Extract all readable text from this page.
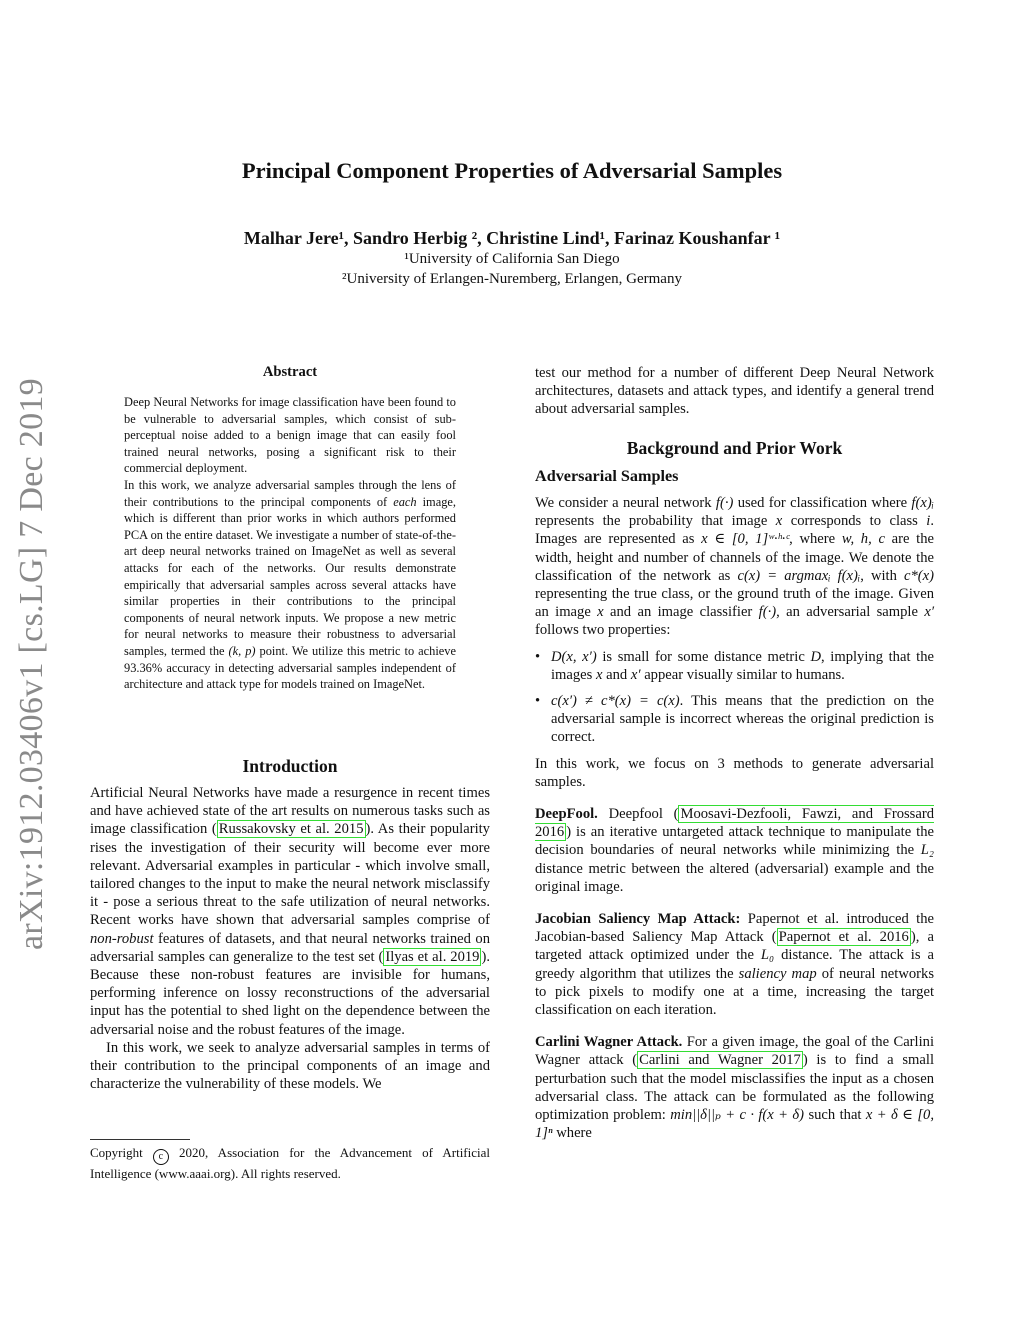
arXiv:1912.03406v1 [cs.LG] 7 Dec 2019
Principal Component Properties of Adversarial Samples
Malhar Jere¹, Sandro Herbig ², Christine Lind¹, Farinaz Koushanfar ¹
¹University of California San Diego
²University of Erlangen-Nuremberg, Erlangen, Germany
Abstract

Deep Neural Networks for image classification have been found to be vulnerable to adversarial samples, which consist of sub-perceptual noise added to a benign image that can easily fool trained neural networks, posing a significant risk to their commercial deployment.

In this work, we analyze adversarial samples through the lens of their contributions to the principal components of each image, which is different than prior works in which authors performed PCA on the entire dataset. We investigate a number of state-of-the-art deep neural networks trained on ImageNet as well as several attacks for each of the networks. Our results demonstrate empirically that adversarial samples across several attacks have similar properties in their contributions to the principal components of neural network inputs. We propose a new metric for neural networks to measure their robustness to adversarial samples, termed the (k, p) point. We utilize this metric to achieve 93.36% accuracy in detecting adversarial samples independent of architecture and attack type for models trained on ImageNet.

Introduction

Artificial Neural Networks have made a resurgence in recent times and have achieved state of the art results on numerous tasks such as image classification ( Russakovsky et al. 2015 ). As their popularity rises the investigation of their security will become ever more relevant. Adversarial examples in particular - which involve small, tailored changes to the input to make the neural network misclassify it - pose a serious threat to the safe utilization of neural networks. Recent works have shown that adversarial samples comprise of non-robust features of datasets, and that neural networks trained on adversarial samples can generalize to the test set ( Ilyas et al. 2019 ). Because these non-robust features are invisible for humans, performing inference on lossy reconstructions of the adversarial input has the potential to shed light on the dependence between the adversarial noise and the robust features of the image.

In this work, we seek to analyze adversarial samples in terms of their contribution to the principal components of an image and characterize the vulnerability of these models. We

Copyright c 2020, Association for the Advancement of Artificial Intelligence (www.aaai.org). All rights reserved.
test our method for a number of different Deep Neural Network architectures, datasets and attack types, and identify a general trend about adversarial samples.
Background and Prior Work
Adversarial Samples

We consider a neural network f(·) used for classification where f(x)ᵢ represents the probability that image x corresponds to class i. Images are represented as x ∈ [0, 1]ʷ·ʰ·ᶜ, where w, h, c are the width, height and number of channels of the image. We denote the classification of the network as c(x) = argmaxᵢ f(x)ᵢ, with c*(x) representing the true class, or the ground truth of the image. Given an image x and an image classifier f(·), an adversarial sample x′ follows two properties:

• D(x, x′) is small for some distance metric D, implying that the images x and x′ appear visually similar to humans.
• c(x′) ≠ c*(x) = c(x). This means that the prediction on the adversarial sample is incorrect whereas the original prediction is correct.

In this work, we focus on 3 methods to generate adversarial samples.

DeepFool. Deepfool ( Moosavi-Dezfooli, Fawzi, and Frossard 2016 ) is an iterative untargeted attack technique to manipulate the decision boundaries of neural networks while minimizing the L₂ distance metric between the altered (adversarial) example and the original image.

Jacobian Saliency Map Attack: Papernot et al. introduced the Jacobian-based Saliency Map Attack ( Papernot et al. 2016 ), a targeted attack optimized under the L₀ distance. The attack is a greedy algorithm that utilizes the saliency map of neural networks to pick pixels to modify one at a time, increasing the target classification on each iteration.

Carlini Wagner Attack. For a given image, the goal of the Carlini Wagner attack ( Carlini and Wagner 2017 ) is to find a small perturbation such that the model misclassifies the input as a chosen adversarial class. The attack can be formulated as the following optimization problem: min||δ||ₚ + c · f(x + δ) such that x + δ ∈ [0, 1]ⁿ where
